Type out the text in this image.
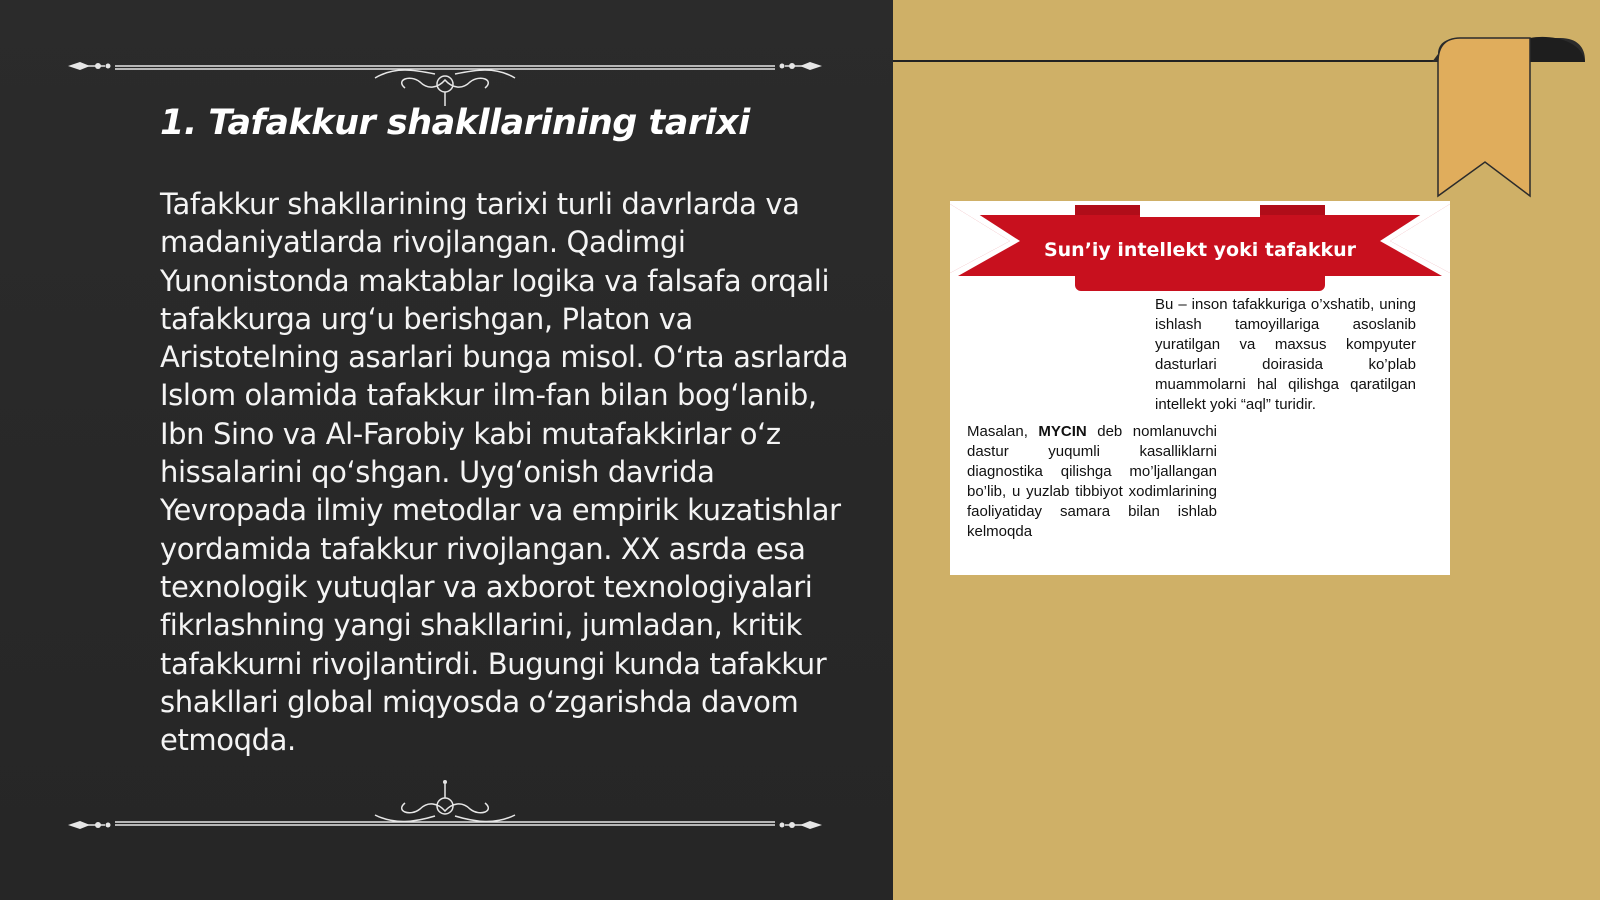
1. Tafakkur shakllarining tarixi
Tafakkur shakllarining tarixi turli davrlarda va madaniyatlarda rivojlangan. Qadimgi Yunonistonda maktablar logika va falsafa orqali tafakkurga urg‘u berishgan, Platon va Aristotelning asarlari bunga misol. O‘rta asrlarda Islom olamida tafakkur ilm-fan bilan bog‘lanib, Ibn Sino va Al-Farobiy kabi mutafakkirlar o‘z hissalarini qo‘shgan. Uyg‘onish davrida Yevropada ilmiy metodlar va empirik kuzatishlar yordamida tafakkur rivojlangan. XX asrda esa texnologik yutuqlar va axborot texnologiyalari fikrlashning yangi shakllarini, jumladan, kritik tafakkurni rivojlantirdi. Bugungi kunda tafakkur shakllari global miqyosda o‘zgarishda davom etmoqda.
Sun’iy intellekt yoki tafakkur
Bu – inson tafakkuriga o’xshatib, uning ishlash tamoyillariga asoslanib yuratilgan va maxsus kompyuter dasturlari doirasida ko’plab muammolarni hal qilishga qaratilgan intellekt yoki “aql” turidir.
Masalan, MYCIN deb nomlanuvchi dastur yuqumli kasalliklarni diagnostika qilishga mo’ljallangan bo’lib, u yuzlab tibbiyot xodimlarining faoliyatiday samara bilan ishlab kelmoqda
